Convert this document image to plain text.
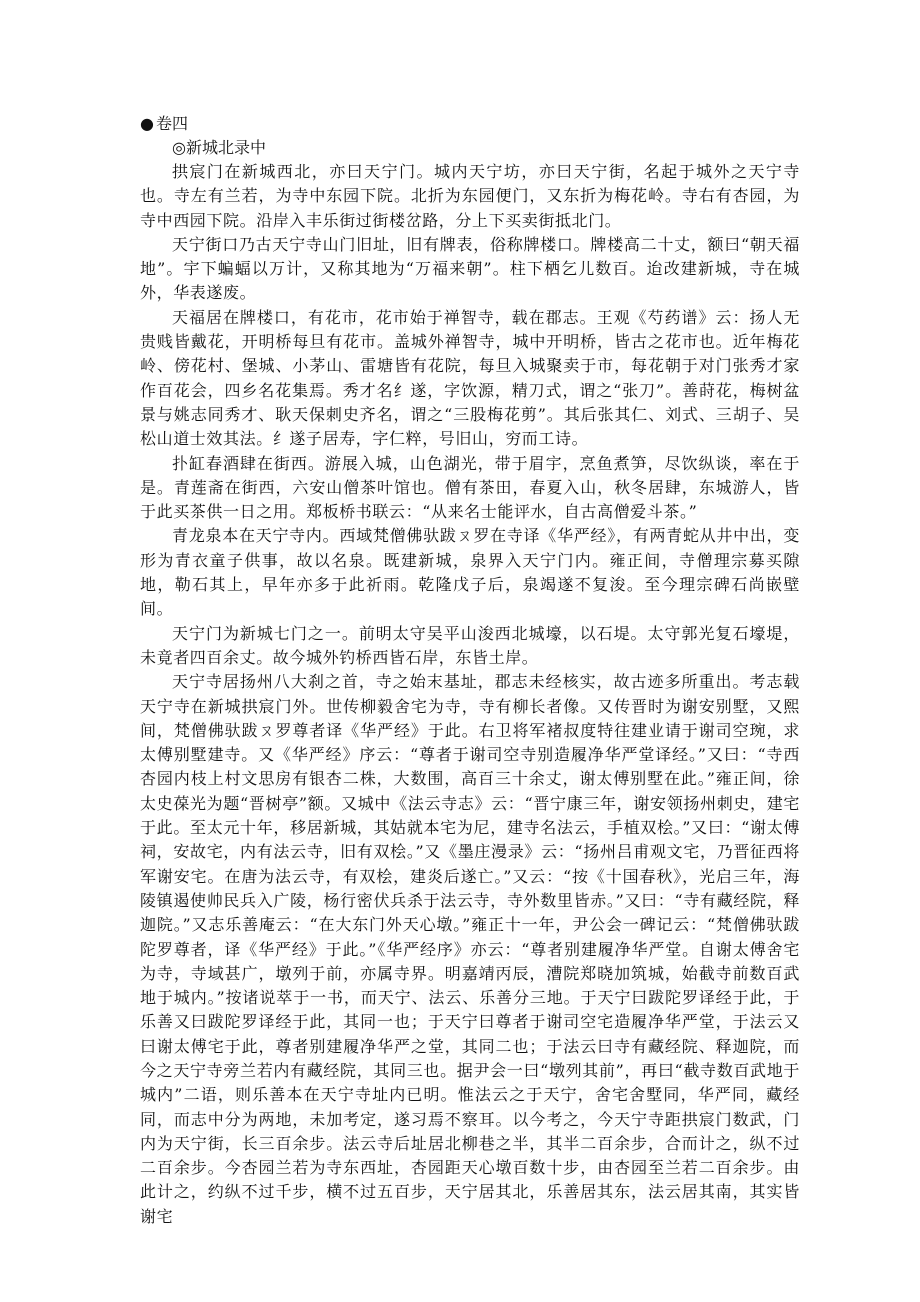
● 卷四

◎新城北录中

拱宸门在新城西北，亦曰天宁门。城内天宁坊，亦曰天宁街，名起于城外之天宁寺也。寺左有兰若，为寺中东园下院。北折为东园便门，又东折为梅花岭。寺右有杏园，为寺中西园下院。沿岸入丰乐街过街楼岔路，分上下买卖街抵北门。

天宁街口乃古天宁寺山门旧址，旧有牌表，俗称牌楼口。牌楼高二十丈，额曰“朝天福地”。宇下蝙蝠以万计，又称其地为“万福来朝”。柱下栖乞儿数百。迨改建新城，寺在城外，华表遂废。

天福居在牌楼口，有花市，花市始于禅智寺，载在郡志。王观《芍药谱》云：扬人无贵贱皆戴花，开明桥每旦有花市。盖城外禅智寺，城中开明桥，皆古之花市也。近年梅花岭、傍花村、堡城、小茅山、雷塘皆有花院，每旦入城聚卖于市，每花朝于对门张秀才家作百花会，四乡名花集焉。秀才名纟遂，字饮源，精刀式，谓之“张刀”。善莳花，梅树盆景与姚志同秀才、耿天保刺史齐名，谓之“三股梅花剪”。其后张其仁、刘式、三胡子、吴松山道士效其法。纟遂子居寿，字仁粹，号旧山，穷而工诗。

扑缸春酒肆在街西。游展入城，山色湖光，带于眉宇，烹鱼煮笋，尽饮纵谈，率在于是。青莲斋在街西，六安山僧茶叶馆也。僧有茶田，春夏入山，秋冬居肆，东城游人，皆于此买茶供一日之用。郑板桥书联云：“从来名士能评水，自古高僧爱斗茶。”

青龙泉本在天宁寺内。西域梵僧佛驮跋ㄡ罗在寺译《华严经》，有两青蛇从井中出，变形为青衣童子供事，故以名泉。既建新城，泉界入天宁门内。雍正间，寺僧理宗募买隙地，勒石其上，早年亦多于此祈雨。乾隆戊子后，泉竭遂不复浚。至今理宗碑石尚嵌壁间。

天宁门为新城七门之一。前明太守吴平山浚西北城壕，以石堤。太守郭光复石壕堤，未竟者四百余丈。故今城外钓桥西皆石岸，东皆土岸。

天宁寺居扬州八大刹之首，寺之始末基址，郡志未经核实，故古迹多所重出。考志载天宁寺在新城拱宸门外。世传柳毅舍宅为寺，寺有柳长者像。又传晋时为谢安别墅，又熙间，梵僧佛驮跋ㄡ罗尊者译《华严经》于此。右卫将军褚叔度特往建业请于谢司空琬，求太傅别墅建寺。又《华严经》序云：“尊者于谢司空寺别造履净华严堂译经。”又曰：“寺西杏园内枝上村文思房有银杏二株，大数围，高百三十余丈，谢太傅别墅在此。”雍正间，徐太史葆光为题“晋树亭”额。又城中《法云寺志》云：“晋宁康三年，谢安领扬州刺史，建宅于此。至太元十年，移居新城，其姑就本宅为尼，建寺名法云，手植双桧。”又曰：“谢太傅祠，安故宅，内有法云寺，旧有双桧。”又《墨庄漫录》云：“扬州吕甫观文宅，乃晋征西将军谢安宅。在唐为法云寺，有双桧，建炎后遂亡。”又云：“按《十国春秋》，光启三年，海陵镇遏使帅民兵入广陵，杨行密伏兵杀于法云寺，寺外数里皆赤。”又曰：“寺有藏经院，释迦院。”又志乐善庵云：“在大东门外天心墩。”雍正十一年，尹公会一碑记云：“梵僧佛驮跋陀罗尊者，译《华严经》于此。”《华严经序》亦云：“尊者别建履净华严堂。自谢太傅舍宅为寺，寺域甚广，墩列于前，亦属寺界。明嘉靖丙辰，漕院郑晓加筑城，始截寺前数百武地于城内。”按诸说萃于一书，而天宁、法云、乐善分三地。于天宁曰跋陀罗译经于此，于乐善又曰跋陀罗译经于此，其同一也；于天宁曰尊者于谢司空宅造履净华严堂，于法云又曰谢太傅宅于此，尊者别建履净华严之堂，其同二也；于法云曰寺有藏经院、释迦院，而今之天宁寺旁兰若内有藏经院，其同三也。据尹会一曰“墩列其前”，再曰“截寺数百武地于城内”二语，则乐善本在天宁寺址内已明。惟法云之于天宁，舍宅舍墅同，华严同，藏经同，而志中分为两地，未加考定，遂习焉不察耳。以今考之，今天宁寺距拱宸门数武，门内为天宁街，长三百余步。法云寺后址居北柳巷之半，其半二百余步，合而计之，纵不过二百余步。今杏园兰若为寺东西址，杏园距天心墩百数十步，由杏园至兰若二百余步。由此计之，约纵不过千步，横不过五百步，天宁居其北，乐善居其东，法云居其南，其实皆谢宅
